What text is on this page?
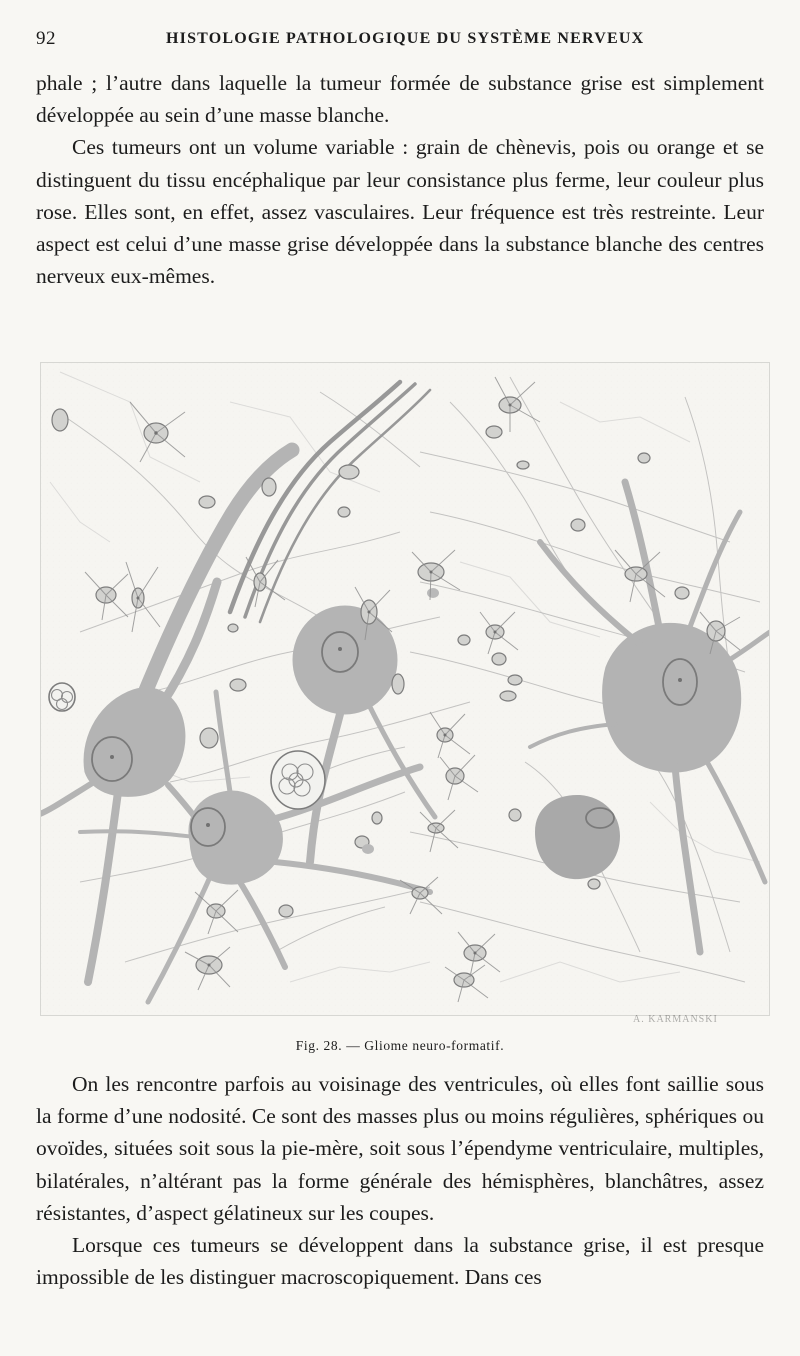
92	HISTOLOGIE PATHOLOGIQUE DU SYSTÈME NERVEUX

phale ; l’autre dans laquelle la tumeur formée de substance grise est simplement développée au sein d’une masse blanche.

Ces tumeurs ont un volume variable : grain de chènevis, pois ou orange et se distinguent du tissu encéphalique par leur consistance plus ferme, leur couleur plus rose. Elles sont, en effet, assez vasculaires. Leur fréquence est très restreinte. Leur aspect est celui d’une masse grise développée dans la substance blanche des centres nerveux eux-mêmes.

A. KARMANSKI
Fig. 28. — Gliome neuro-formatif.

On les rencontre parfois au voisinage des ventricules, où elles font saillie sous la forme d’une nodosité. Ce sont des masses plus ou moins régulières, sphériques ou ovoïdes, situées soit sous la pie-mère, soit sous l’épendyme ventriculaire, multiples, bilatérales, n’altérant pas la forme générale des hémisphères, blanchâtres, assez résistantes, d’aspect gélatineux sur les coupes.

Lorsque ces tumeurs se développent dans la substance grise, il est presque impossible de les distinguer macroscopiquement. Dans ces
